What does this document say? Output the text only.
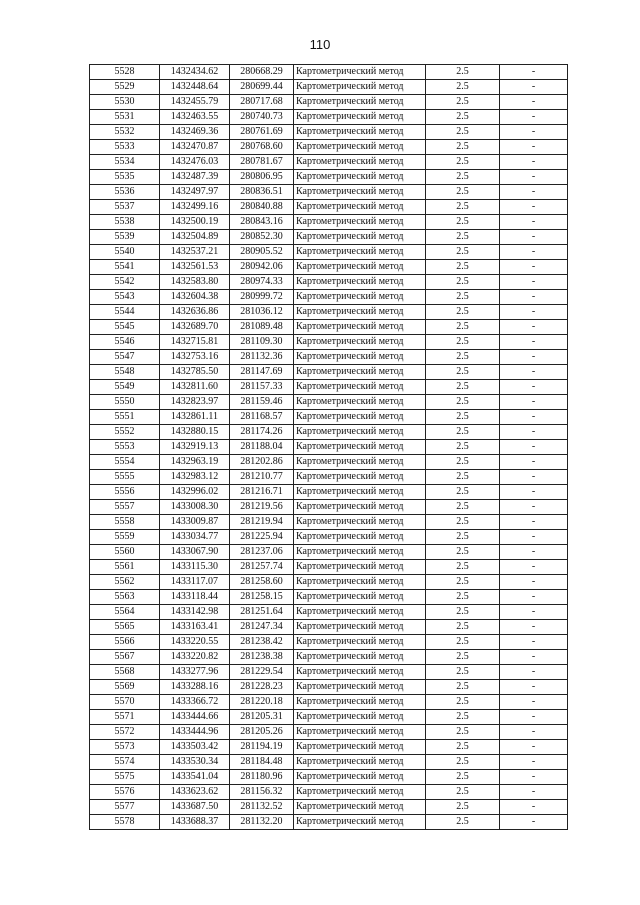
110
5528	1432434.62	280668.29	Картометрический метод	2.5	-
5529	1432448.64	280699.44	Картометрический метод	2.5	-
5530	1432455.79	280717.68	Картометрический метод	2.5	-
5531	1432463.55	280740.73	Картометрический метод	2.5	-
5532	1432469.36	280761.69	Картометрический метод	2.5	-
5533	1432470.87	280768.60	Картометрический метод	2.5	-
5534	1432476.03	280781.67	Картометрический метод	2.5	-
5535	1432487.39	280806.95	Картометрический метод	2.5	-
5536	1432497.97	280836.51	Картометрический метод	2.5	-
5537	1432499.16	280840.88	Картометрический метод	2.5	-
5538	1432500.19	280843.16	Картометрический метод	2.5	-
5539	1432504.89	280852.30	Картометрический метод	2.5	-
5540	1432537.21	280905.52	Картометрический метод	2.5	-
5541	1432561.53	280942.06	Картометрический метод	2.5	-
5542	1432583.80	280974.33	Картометрический метод	2.5	-
5543	1432604.38	280999.72	Картометрический метод	2.5	-
5544	1432636.86	281036.12	Картометрический метод	2.5	-
5545	1432689.70	281089.48	Картометрический метод	2.5	-
5546	1432715.81	281109.30	Картометрический метод	2.5	-
5547	1432753.16	281132.36	Картометрический метод	2.5	-
5548	1432785.50	281147.69	Картометрический метод	2.5	-
5549	1432811.60	281157.33	Картометрический метод	2.5	-
5550	1432823.97	281159.46	Картометрический метод	2.5	-
5551	1432861.11	281168.57	Картометрический метод	2.5	-
5552	1432880.15	281174.26	Картометрический метод	2.5	-
5553	1432919.13	281188.04	Картометрический метод	2.5	-
5554	1432963.19	281202.86	Картометрический метод	2.5	-
5555	1432983.12	281210.77	Картометрический метод	2.5	-
5556	1432996.02	281216.71	Картометрический метод	2.5	-
5557	1433008.30	281219.56	Картометрический метод	2.5	-
5558	1433009.87	281219.94	Картометрический метод	2.5	-
5559	1433034.77	281225.94	Картометрический метод	2.5	-
5560	1433067.90	281237.06	Картометрический метод	2.5	-
5561	1433115.30	281257.74	Картометрический метод	2.5	-
5562	1433117.07	281258.60	Картометрический метод	2.5	-
5563	1433118.44	281258.15	Картометрический метод	2.5	-
5564	1433142.98	281251.64	Картометрический метод	2.5	-
5565	1433163.41	281247.34	Картометрический метод	2.5	-
5566	1433220.55	281238.42	Картометрический метод	2.5	-
5567	1433220.82	281238.38	Картометрический метод	2.5	-
5568	1433277.96	281229.54	Картометрический метод	2.5	-
5569	1433288.16	281228.23	Картометрический метод	2.5	-
5570	1433366.72	281220.18	Картометрический метод	2.5	-
5571	1433444.66	281205.31	Картометрический метод	2.5	-
5572	1433444.96	281205.26	Картометрический метод	2.5	-
5573	1433503.42	281194.19	Картометрический метод	2.5	-
5574	1433530.34	281184.48	Картометрический метод	2.5	-
5575	1433541.04	281180.96	Картометрический метод	2.5	-
5576	1433623.62	281156.32	Картометрический метод	2.5	-
5577	1433687.50	281132.52	Картометрический метод	2.5	-
5578	1433688.37	281132.20	Картометрический метод	2.5	-
